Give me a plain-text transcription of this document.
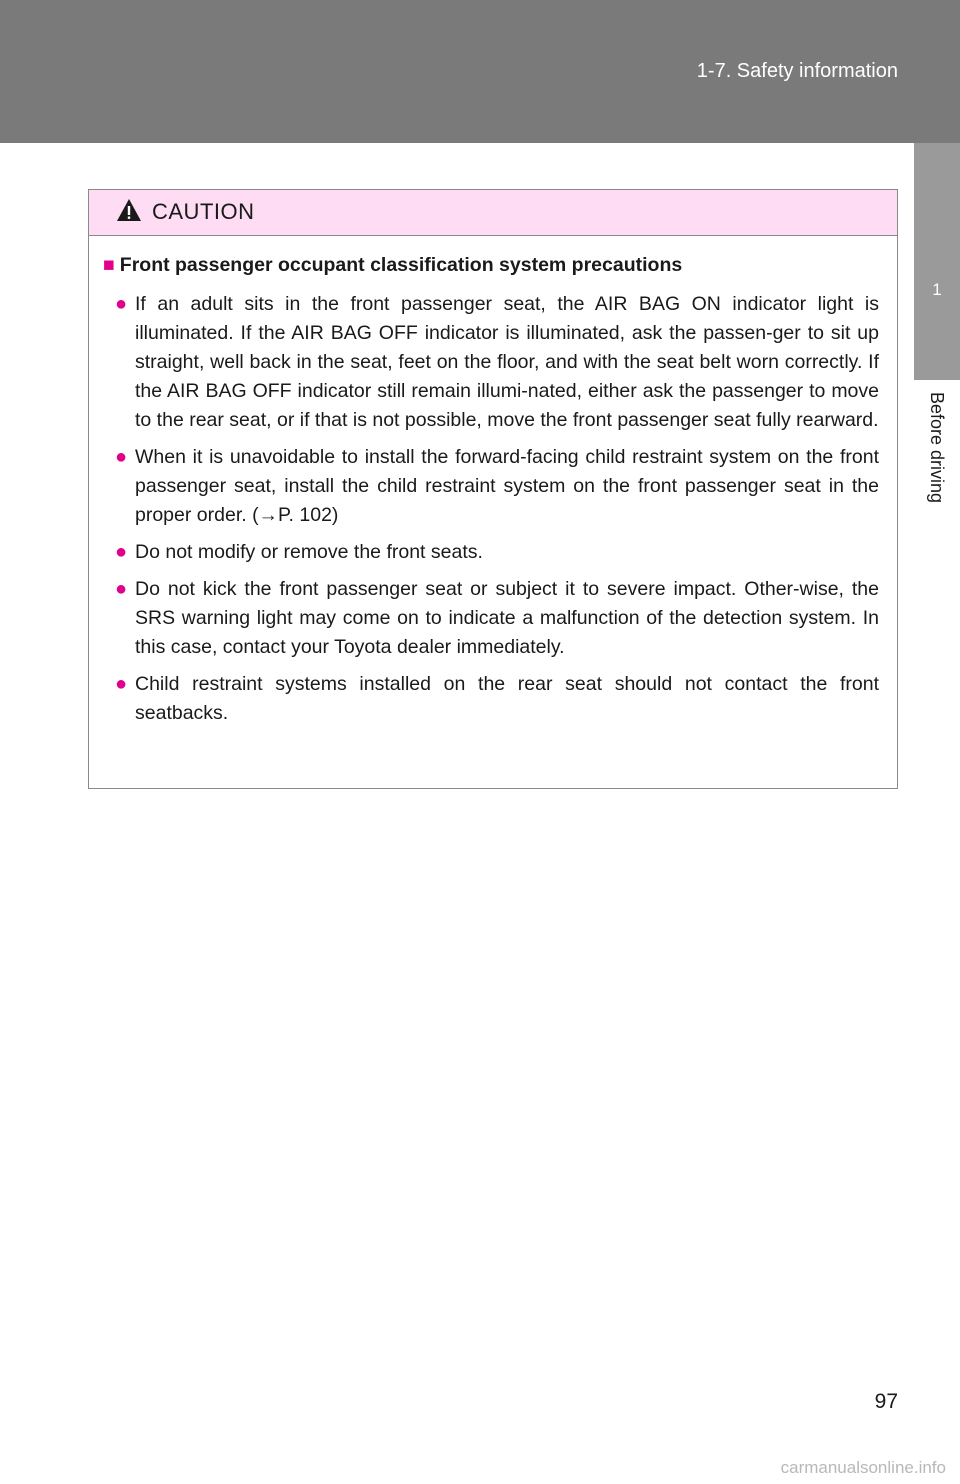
1-7. Safety information
1
Before driving
CAUTION
■ Front passenger occupant classification system precautions
● If an adult sits in the front passenger seat, the AIR BAG ON indicator light is illuminated. If the AIR BAG OFF indicator is illuminated, ask the passen-ger to sit up straight, well back in the seat, feet on the floor, and with the seat belt worn correctly. If the AIR BAG OFF indicator still remain illumi-nated, either ask the passenger to move to the rear seat, or if that is not possible, move the front passenger seat fully rearward.
● When it is unavoidable to install the forward-facing child restraint system on the front passenger seat, install the child restraint system on the front passenger seat in the proper order. (→P. 102)
● Do not modify or remove the front seats.
● Do not kick the front passenger seat or subject it to severe impact. Other-wise, the SRS warning light may come on to indicate a malfunction of the detection system. In this case, contact your Toyota dealer immediately.
● Child restraint systems installed on the rear seat should not contact the front seatbacks.
97
carmanualsonline.info
